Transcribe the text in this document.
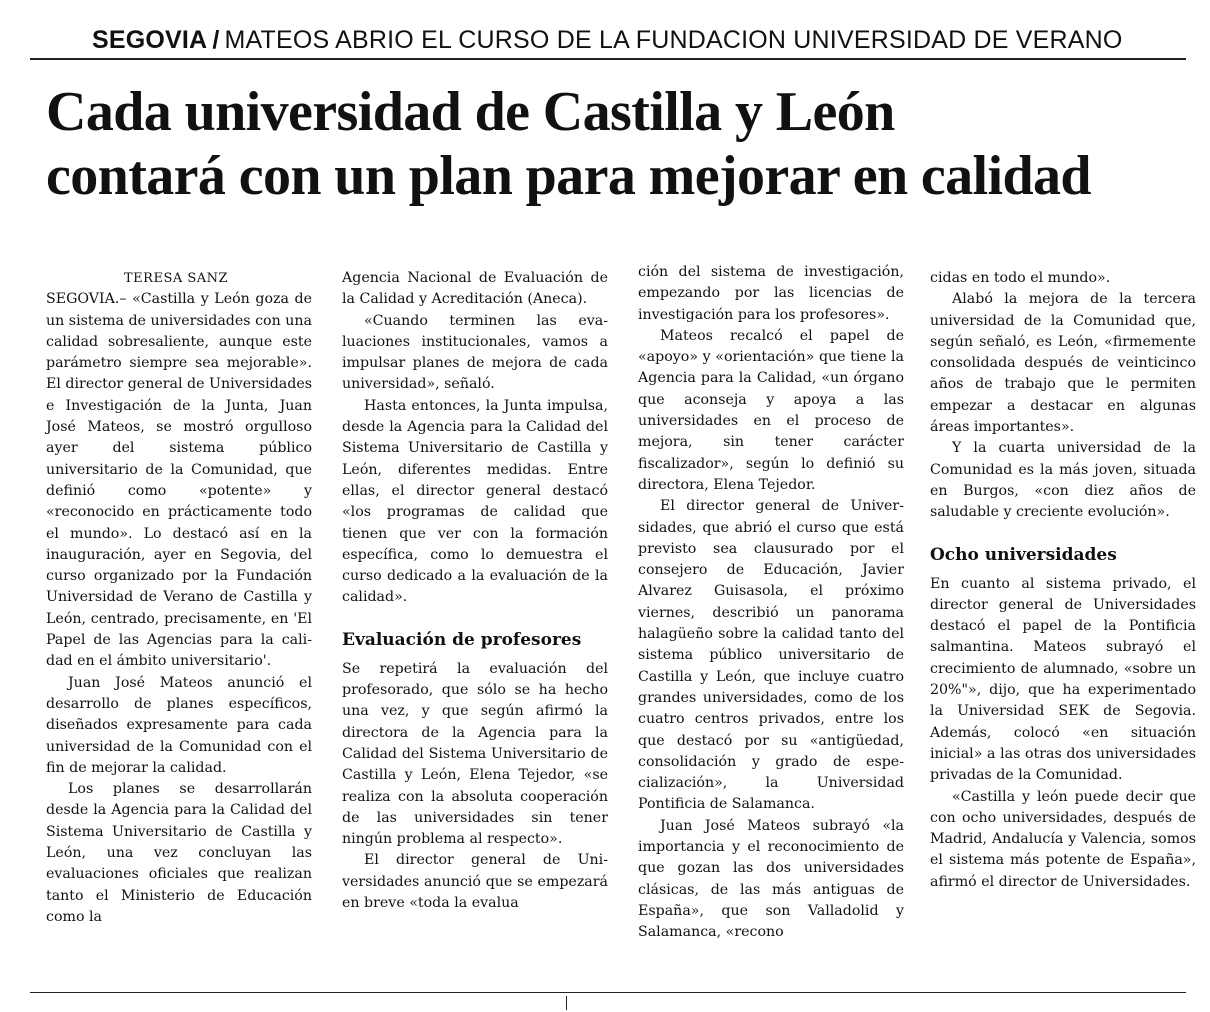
SEGOVIA / MATEOS ABRIO EL CURSO DE LA FUNDACION UNIVERSIDAD DE VERANO
Cada universidad de Castilla y León
contará con un plan para mejorar en calidad

TERESA SANZ

SEGOVIA.– «Castilla y León goza de un sistema de universidades con una calidad sobresaliente, aunque este parámetro siempre sea mejorable». El director general de Universidades e Investigación de la Junta, Juan José Mateos, se mostró orgulloso ayer del sistema público universitario de la Comunidad, que definió como «potente» y «reconocido en prácticamente todo el mundo». Lo destacó así en la inauguración, ayer en Segovia, del curso organizado por la Fundación Universidad de Verano de Castilla y León, centrado, precisamente, en 'El Papel de las Agencias para la calidad en el ámbito universitario'.

Juan José Mateos anunció el desarrollo de planes específicos, diseñados expresamente para cada universidad de la Comunidad con el fin de mejorar la calidad.

Los planes se desarrollarán desde la Agencia para la Calidad del Sistema Universitario de Castilla y León, una vez concluyan las evaluaciones oficiales que realizan tanto el Ministerio de Educación como la

Agencia Nacional de Evaluación de la Calidad y Acreditación (Aneca).

«Cuando terminen las evaluaciones institucionales, vamos a impulsar planes de mejora de cada universidad», señaló.

Hasta entonces, la Junta impulsa, desde la Agencia para la Calidad del Sistema Universitario de Castilla y León, diferentes medidas. Entre ellas, el director general destacó «los programas de calidad que tienen que ver con la formación específica, como lo demuestra el curso dedicado a la evaluación de la calidad».

Evaluación de profesores

Se repetirá la evaluación del profesorado, que sólo se ha hecho una vez, y que según afirmó la directora de la Agencia para la Calidad del Sistema Universitario de Castilla y León, Elena Tejedor, «se realiza con la absoluta cooperación de las universidades sin tener ningún problema al respecto».

El director general de Universidades anunció que se empezará en breve «toda la evalua

ción del sistema de investigación, empezando por las licencias de investigación para los profesores».

Mateos recalcó el papel de «apoyo» y «orientación» que tiene la Agencia para la Calidad, «un órgano que aconseja y apoya a las universidades en el proceso de mejora, sin tener carácter fiscalizador», según lo definió su directora, Elena Tejedor.

El director general de Universidades, que abrió el curso que está previsto sea clausurado por el consejero de Educación, Javier Alvarez Guisasola, el próximo viernes, describió un panorama halagüeño sobre la calidad tanto del sistema público universitario de Castilla y León, que incluye cuatro grandes universidades, como de los cuatro centros privados, entre los que destacó por su «antigüedad, consolidación y grado de especialización», la Universidad Pontificia de Salamanca.

Juan José Mateos subrayó «la importancia y el reconocimiento de que gozan las dos universidades clásicas, de las más antiguas de España», que son Valladolid y Salamanca, «recono

cidas en todo el mundo».

Alabó la mejora de la tercera universidad de la Comunidad que, según señaló, es León, «firmemente consolidada después de veinticinco años de trabajo que le permiten empezar a destacar en algunas áreas importantes».

Y la cuarta universidad de la Comunidad es la más joven, situada en Burgos, «con diez años de saludable y creciente evolución».

Ocho universidades

En cuanto al sistema privado, el director general de Universidades destacó el papel de la Pontificia salmantina. Mateos subrayó el crecimiento de alumnado, «sobre un 20%"», dijo, que ha experimentado la Universidad SEK de Segovia. Además, colocó «en situación inicial» a las otras dos universidades privadas de la Comunidad.

«Castilla y león puede decir que con ocho universidades, después de Madrid, Andalucía y Valencia, somos el sistema más potente de España», afirmó el director de Universidades.
